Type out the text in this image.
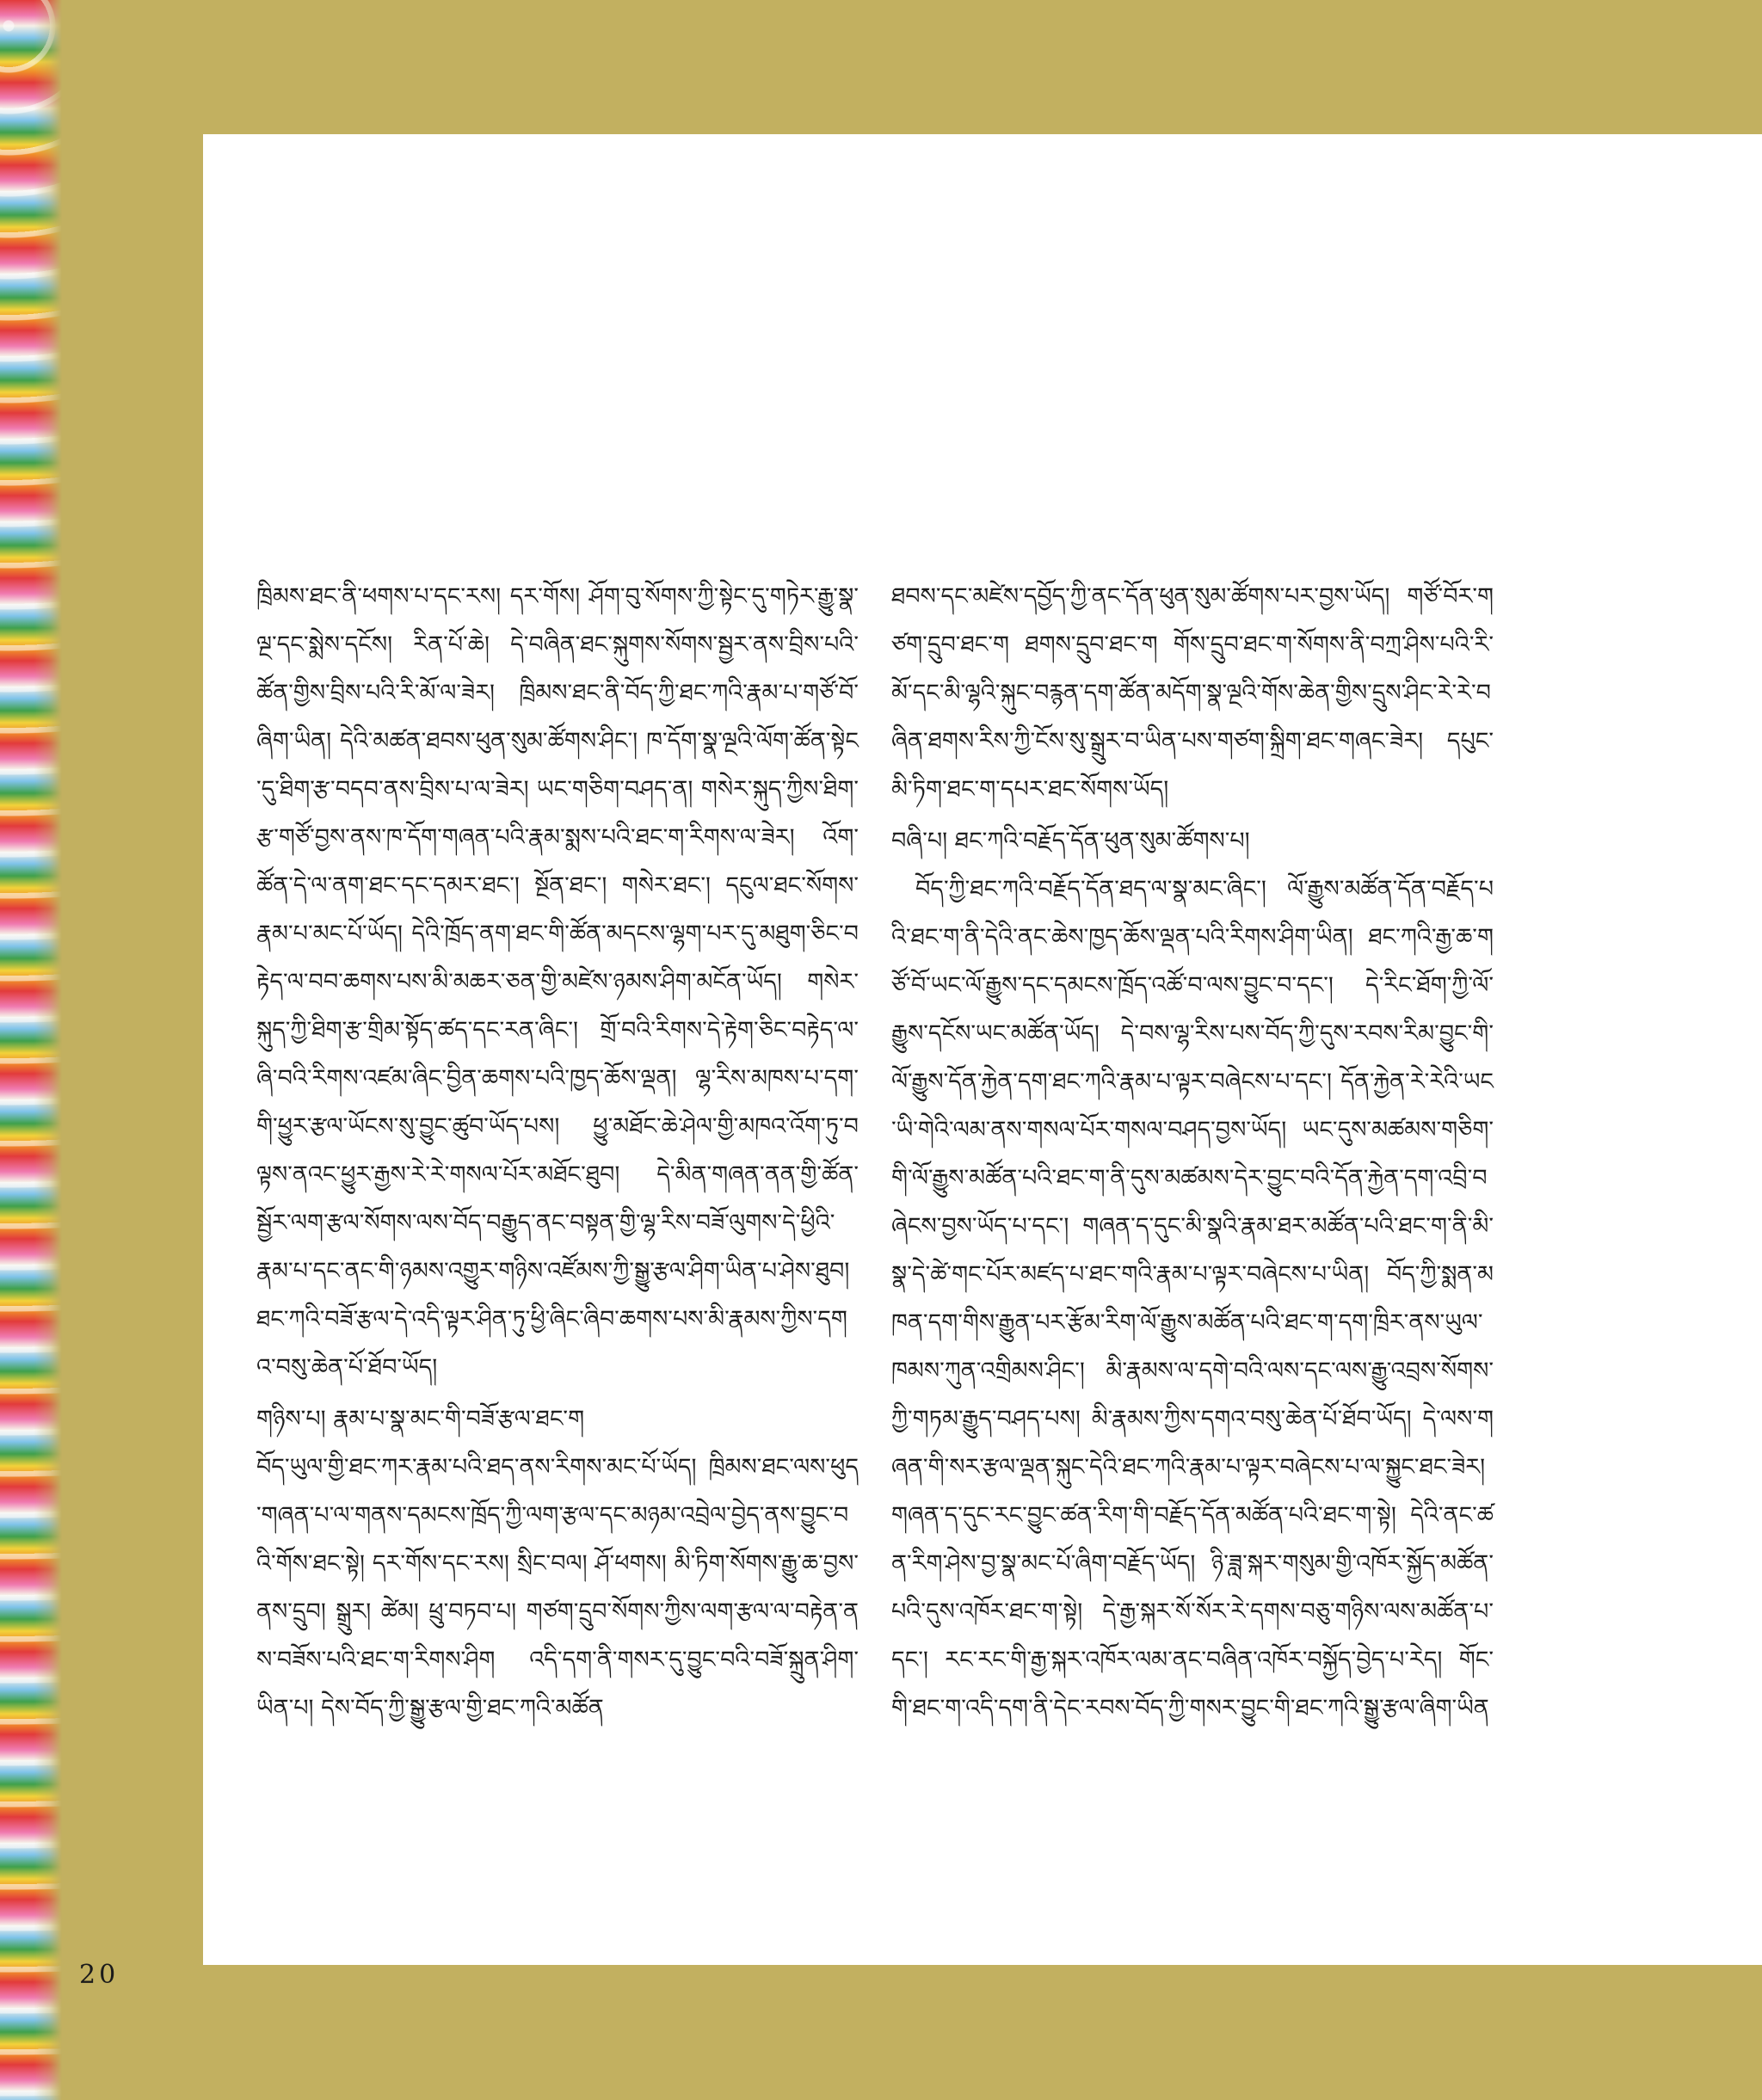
ཁྲིམས་ཐང་ནི་ཕགས་པ་དང་རས། དར་གོས། ཤོག་བུ་སོགས་ཀྱི་སྟེང་དུ་གཏེར་རྒྱུ་སྣ་ལྔ་དང་སྨེས་དངོས། རིན་པོ་ཆེ། དེ་བཞིན་ཐང་སྐུགས་སོགས་སྦྱར་ནས་བྲིས་པའི་ཚོན་གྱིས་བྲིས་པའི་རི་མོ་ལ་ཟེར། ཁྲིམས་ཐང་ནི་བོད་ཀྱི་ཐང་ཀའི་རྣམ་པ་གཙོ་བོ་ཞིག་ཡིན། དེའི་མཚན་ཐབས་ཕུན་སུམ་ཚོགས་ཤིང་། ཁ་དོག་སྣ་ལྔའི་ལོག་ཚོན་སྟེང་དུ་ཐིག་རྩ་བདབ་ནས་བྲིས་པ་ལ་ཟེར། ཡང་གཅིག་བཤད་ན། གསེར་སྐུད་ཀྱིས་ཐིག་རྩ་གཙོ་བྱས་ནས་ཁ་དོག་གཞན་པའི་རྣམ་སྨས་པའི་ཐང་ག་རིགས་ལ་ཟེར། འོག་ཚོན་དེ་ལ་ནག་ཐང་དང་དམར་ཐང་། སྔོན་ཐང་། གསེར་ཐང་། དངུལ་ཐང་སོགས་རྣམ་པ་མང་པོ་ཡོད། དེའི་ཁྲོད་ནག་ཐང་གི་ཚོན་མདངས་ལྷག་པར་དུ་མཐུག་ཅིང་བརྟེད་ལ་བབ་ཆགས་པས་མི་མཆར་ཅན་གྱི་མཛེས་ཉམས་ཤིག་མངོན་ཡོད། གསེར་སྐུད་ཀྱི་ཐིག་རྩ་གྲིམ་སྟོད་ཚད་དང་རན་ཞིང་། གྲོ་བའི་རིགས་དེ་རྟེག་ཅིང་བརྟེད་ལ་ཞི་བའི་རིགས་འཛམ་ཞིང་བྱིན་ཆགས་པའི་ཁྱད་ཆོས་ལྡན། ལྷ་རིས་མཁས་པ་དག་གི་ཕྱུར་རྩལ་ཡོངས་སུ་བྱུང་ཚུབ་ཡོད་པས། ཕྱུ་མཐོང་ཆེ་ཤེལ་གྱི་མཁའ་འོག་ཏུ་བལྟས་ནའང་ཕྱུར་རྒྱས་རེ་རེ་གསལ་པོར་མཐོང་ཐུབ། དེ་མིན་གཞན་ནན་གྱི་ཚོན་སྦྱོར་ལག་རྩལ་སོགས་ལས་བོད་བརྒྱུད་ནང་བསྟན་གྱི་ལྷ་རིས་བཟོ་ལུགས་དེ་ཕྱིའི་རྣམ་པ་དང་ནང་གི་ཉམས་འགྱུར་གཉིས་འཛོམས་ཀྱི་སྒྱུ་རྩལ་ཤིག་ཡིན་པ་ཤེས་ཐུབ། ཐང་ཀའི་བཟོ་རྩལ་དེ་འདི་ལྟར་ཤིན་ཏུ་ཕྱི་ཞིང་ཞིབ་ཆགས་པས་མི་རྣམས་ཀྱིས་དགའ་བསུ་ཆེན་པོ་ཐོབ་ཡོད།

གཉིས་པ། རྣམ་པ་སྣ་མང་གི་བཟོ་རྩལ་ཐང་ག

བོད་ཡུལ་གྱི་ཐང་ཀར་རྣམ་པའི་ཐད་ནས་རིགས་མང་པོ་ཡོད། ཁྲིམས་ཐང་ལས་ཕུད་གཞན་པ་ལ་གནས་དམངས་ཁྲོད་ཀྱི་ལག་རྩལ་དང་མཉམ་འབྲེལ་བྱེད་ནས་བྱུང་བའི་གོས་ཐང་སྟེ། དར་གོས་དང་རས། སྲིང་བལ། ཤོ་ཕགས། མི་ཏིག་སོགས་རྒྱུ་ཆ་བྱས་ནས་དྲུབ། སྒྲུར། ཚེམ། ཕྲུ་བཏབ་པ། གཙག་དྲུབ་སོགས་ཀྱིས་ལག་རྩལ་ལ་བརྟེན་ནས་བཟོས་པའི་ཐང་ག་རིགས་ཤིག འདི་དག་ནི་གསར་དུ་བྱུང་བའི་བཟོ་སྐྲུན་ཤིག་ཡིན་པ། དེས་བོད་ཀྱི་སྒྱུ་རྩལ་གྱི་ཐང་ཀའི་མཚོན

ཐབས་དང་མཛེས་དབྱོད་ཀྱི་ནང་དོན་ཕུན་སུམ་ཚོགས་པར་བྱས་ཡོད། གཙོ་བོར་གཙག་དྲུབ་ཐང་ག ཐགས་དྲུབ་ཐང་ག གོས་དྲུབ་ཐང་ག་སོགས་ནི་བཀྲ་ཤིས་པའི་རི་མོ་དང་མི་ལྷའི་སྐུང་བརྙན་དག་ཚོན་མདོག་སྣ་ལྔའི་གོས་ཆེན་གྱིས་དྲུས་ཤིང་རེ་རེ་བཞིན་ཐགས་རིས་ཀྱི་ངོས་སུ་སྒྲུར་བ་ཡིན་པས་གཙག་སྐྲིག་ཐང་གཞང་ཟེར། དཔུང་མི་ཏིག་ཐང་ག་དཔར་ཐང་སོགས་ཡོད།

བཞི་པ། ཐང་ཀའི་བརྗོད་དོན་ཕུན་སུམ་ཚོགས་པ།

བོད་ཀྱི་ཐང་ཀའི་བརྗོད་དོན་ཐད་ལ་སྣ་མང་ཞིང་། ལོ་རྒྱུས་མཚོན་དོན་བརྗོད་པའི་ཐང་ག་ནི་དེའི་ནང་ཆེས་ཁྱད་ཆོས་ལྡན་པའི་རིགས་ཤིག་ཡིན། ཐང་ཀའི་རྒྱ་ཆ་གཙོ་བོ་ཡང་ལོ་རྒྱུས་དང་དམངས་ཁྲོད་འཚོ་བ་ལས་བྱུང་བ་དང་། དེ་རིང་ཐོག་ཀྱི་ལོ་རྒྱུས་དངོས་ཡང་མཚོན་ཡོད། དེ་བས་ལྷ་རིས་པས་བོད་ཀྱི་དུས་རབས་རིམ་བྱུང་གི་ལོ་རྒྱུས་དོན་རྐྱེན་དག་ཐང་ཀའི་རྣམ་པ་ལྟར་བཞེངས་པ་དང་། དོན་རྐྱེན་རེ་རེའི་ཡང་ཡི་གེའི་ལམ་ནས་གསལ་པོར་གསལ་བཤད་བྱས་ཡོད། ཡང་དུས་མཚམས་གཅིག་གི་ལོ་རྒྱུས་མཚོན་པའི་ཐང་ག་ནི་དུས་མཚམས་དེར་བྱུང་བའི་དོན་རྐྱེན་དག་འབྲི་བཞེངས་བྱས་ཡོད་པ་དང་། གཞན་ད་དུང་མི་སྣའི་རྣམ་ཐར་མཚོན་པའི་ཐང་ག་ནི་མི་སྣ་དེ་ཚེ་གང་པོར་མཛད་པ་ཐང་གའི་རྣམ་པ་ལྟར་བཞེངས་པ་ཡིན། བོད་ཀྱི་སྨན་མཁན་དག་གིས་རྒྱུན་པར་རྩོམ་རིག་ལོ་རྒྱུས་མཚོན་པའི་ཐང་ག་དག་ཁྲིར་ནས་ཡུལ་ཁམས་ཀུན་འགྲིམས་ཤིང་། མི་རྣམས་ལ་དགེ་བའི་ལས་དང་ལས་རྒྱུ་འབྲས་སོགས་ཀྱི་གཏམ་རྒྱུད་བཤད་པས། མི་རྣམས་ཀྱིས་དགའ་བསུ་ཆེན་པོ་ཐོབ་ཡོད། དེ་ལས་གཞན་གི་སར་རྩལ་ལྡན་སྐུང་དེའི་ཐང་ཀའི་རྣམ་པ་ལྟར་བཞེངས་པ་ལ་སྐྱུང་ཐང་ཟེར། གཞན་ད་དུང་རང་བྱུང་ཚན་རིག་གི་བརྗོད་དོན་མཚོན་པའི་ཐང་ག་སྟེ། དེའི་ནང་ཚན་རིག་ཤེས་བྱ་སྣ་མང་པོ་ཞིག་བརྗོད་ཡོད། ཉི་ཟླ་སྐར་གསུམ་གྱི་འཁོར་སྐྱོད་མཚོན་པའི་དུས་འཁོར་ཐང་ག་སྟེ། དེ་རྒྱ་སྐར་སོ་སོར་རེ་དགས་བཅུ་གཉིས་ལས་མཚོན་པ་དང་། རང་རང་གི་རྒྱ་སྐར་འཁོར་ལམ་ནང་བཞིན་འཁོར་བསྐྱོད་བྱེད་པ་རེད། གོང་གི་ཐང་ག་འདི་དག་ནི་དེང་རབས་བོད་ཀྱི་གསར་བྱུང་གི་ཐང་ཀའི་སྒྱུ་རྩལ་ཞིག་ཡིན

20
